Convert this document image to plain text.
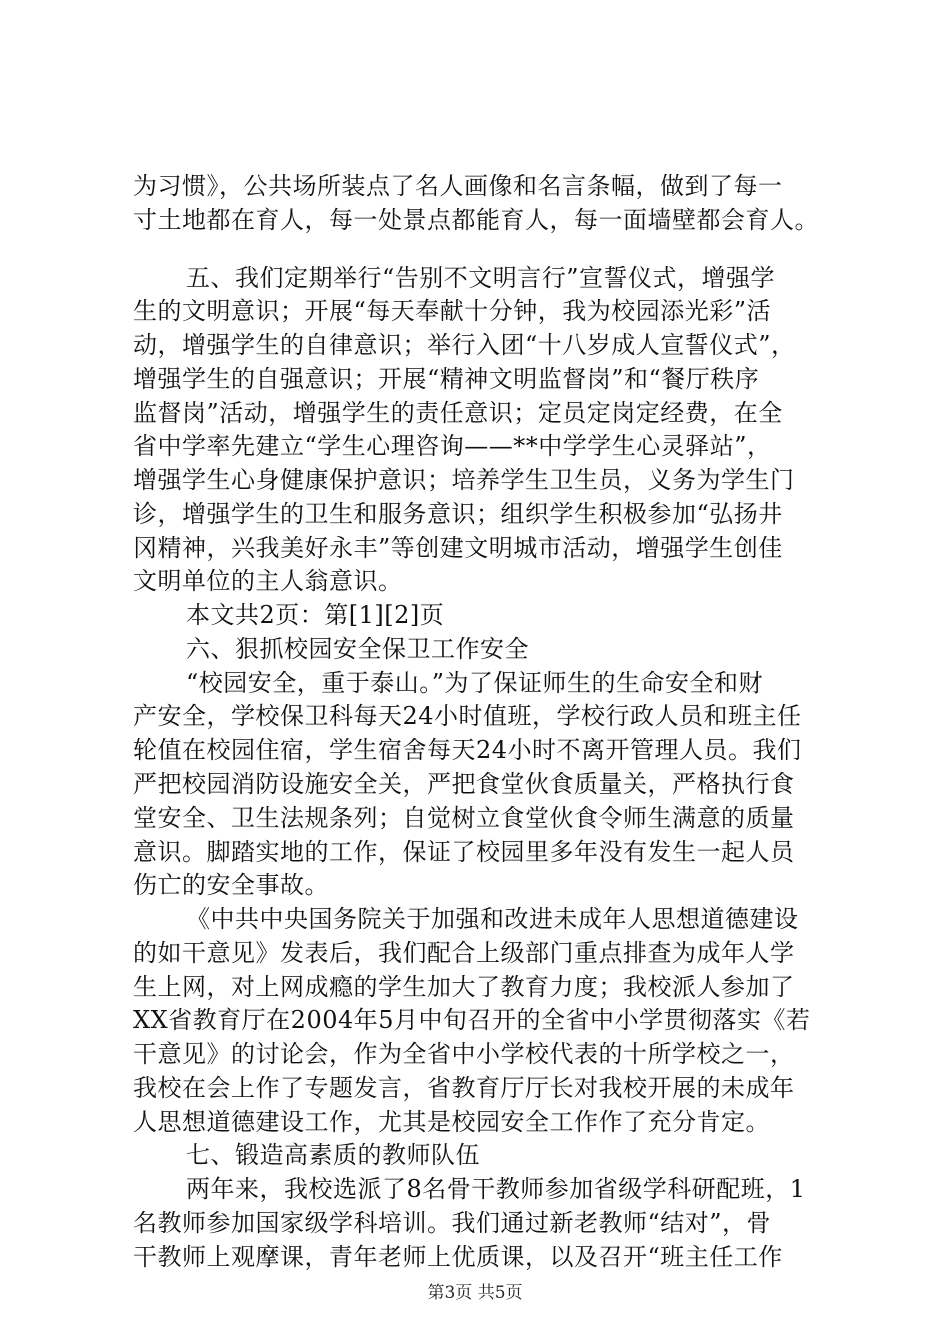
为习惯》，公共场所装点了名人画像和名言条幅，做到了每一
寸土地都在育人，每一处景点都能育人，每一面墙壁都会育人。
五、我们定期举行“告别不文明言行”宣誓仪式，增强学
生的文明意识；开展“每天奉献十分钟，我为校园添光彩”活
动，增强学生的自律意识；举行入团“十八岁成人宣誓仪式”，
增强学生的自强意识；开展“精神文明监督岗”和“餐厅秩序
监督岗”活动，增强学生的责任意识；定员定岗定经费，在全
省中学率先建立“学生心理咨询——**中学学生心灵驿站”，
增强学生心身健康保护意识；培养学生卫生员，义务为学生门
诊，增强学生的卫生和服务意识；组织学生积极参加“弘扬井
冈精神，兴我美好永丰”等创建文明城市活动，增强学生创佳
文明单位的主人翁意识。
本文共2页：第[1][2]页
六、狠抓校园安全保卫工作安全
“校园安全，重于泰山。”为了保证师生的生命安全和财
产安全，学校保卫科每天24小时值班，学校行政人员和班主任
轮值在校园住宿，学生宿舍每天24小时不离开管理人员。我们
严把校园消防设施安全关，严把食堂伙食质量关，严格执行食
堂安全、卫生法规条列；自觉树立食堂伙食令师生满意的质量
意识。脚踏实地的工作，保证了校园里多年没有发生一起人员
伤亡的安全事故。
《中共中央国务院关于加强和改进未成年人思想道德建设
的如干意见》发表后，我们配合上级部门重点排查为成年人学
生上网，对上网成瘾的学生加大了教育力度；我校派人参加了
XX省教育厅在2004年5月中旬召开的全省中小学贯彻落实《若
干意见》的讨论会，作为全省中小学校代表的十所学校之一，
我校在会上作了专题发言，省教育厅厅长对我校开展的未成年
人思想道德建设工作，尤其是校园安全工作作了充分肯定。
七、锻造高素质的教师队伍
两年来，我校选派了8名骨干教师参加省级学科研配班，1
名教师参加国家级学科培训。我们通过新老教师“结对”，骨
干教师上观摩课，青年老师上优质课，以及召开“班主任工作
第3页 共5页
